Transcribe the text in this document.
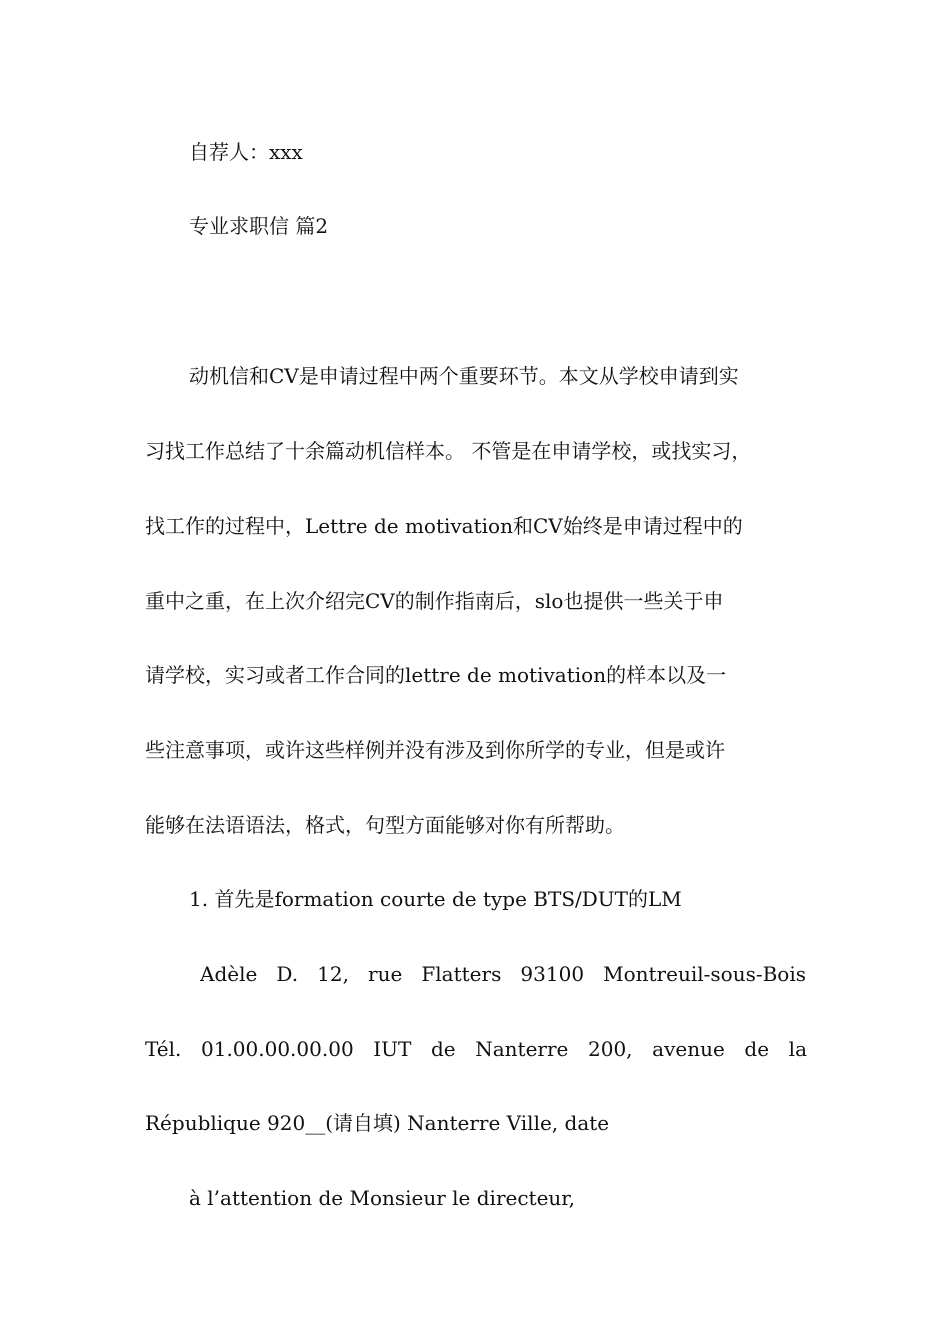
自荐人：xxx
专业求职信 篇2
动机信和CV是申请过程中两个重要环节。本文从学校申请到实
习找工作总结了十余篇动机信样本。 不管是在申请学校，或找实习，
找工作的过程中，Lettre de motivation和CV始终是申请过程中的
重中之重，在上次介绍完CV的制作指南后，slo也提供一些关于申
请学校，实习或者工作合同的lettre de motivation的样本以及一
些注意事项，或许这些样例并没有涉及到你所学的专业，但是或许
能够在法语语法，格式，句型方面能够对你有所帮助。
1. 首先是formation courte de type BTS/DUT的LM
Adèle D. 12, rue Flatters 93100 Montreuil-sous-Bois
Tél. 01.00.00.00.00 IUT de Nanterre 200, avenue de la
République 920__(请自填) Nanterre Ville, date
à l’attention de Monsieur le directeur,
